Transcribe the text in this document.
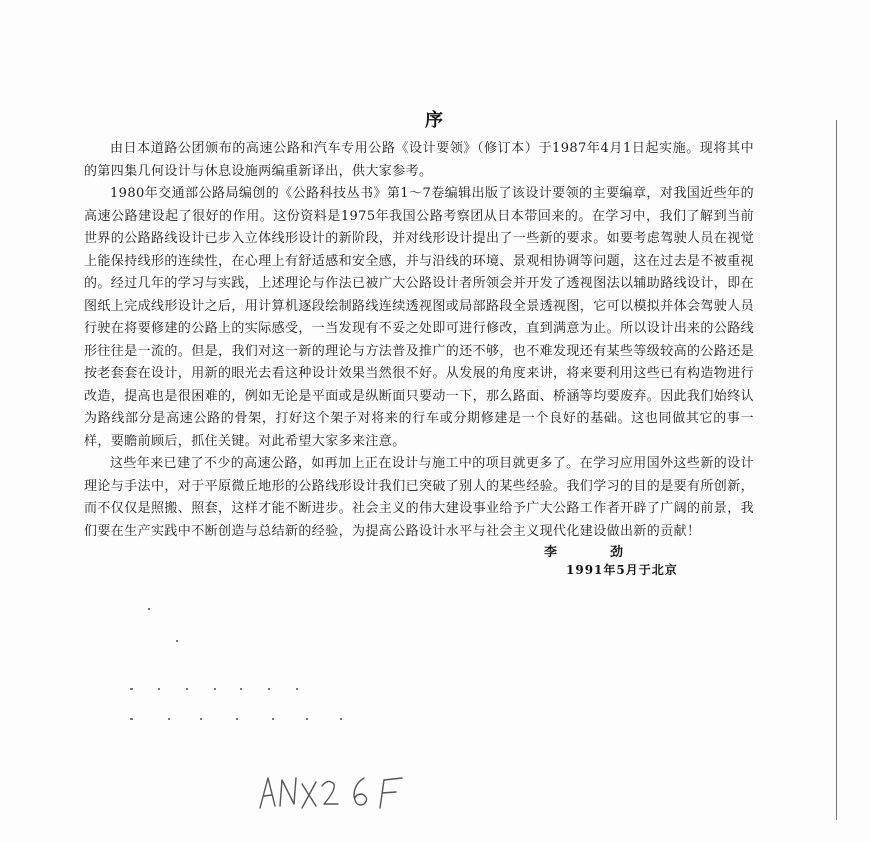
序

由日本道路公团颁布的高速公路和汽车专用公路《设计要领》（修订本）于1987年4月1日起实施。现将其中的第四集几何设计与休息设施两编重新译出，供大家参考。

1980年交通部公路局编创的《公路科技丛书》第1～7卷编辑出版了该设计要领的主要编章，对我国近些年的高速公路建设起了很好的作用。这份资料是1975年我国公路考察团从日本带回来的。在学习中，我们了解到当前世界的公路路线设计已步入立体线形设计的新阶段，并对线形设计提出了一些新的要求。如要考虑驾驶人员在视觉上能保持线形的连续性，在心理上有舒适感和安全感，并与沿线的环境、景观相协调等问题，这在过去是不被重视的。经过几年的学习与实践，上述理论与作法已被广大公路设计者所领会并开发了透视图法以辅助路线设计，即在图纸上完成线形设计之后，用计算机逐段绘制路线连续透视图或局部路段全景透视图，它可以模拟并体会驾驶人员行驶在将要修建的公路上的实际感受，一当发现有不妥之处即可进行修改，直到满意为止。所以设计出来的公路线形往往是一流的。但是，我们对这一新的理论与方法普及推广的还不够，也不难发现还有某些等级较高的公路还是按老套套在设计，用新的眼光去看这种设计效果当然很不好。从发展的角度来讲，将来要利用这些已有构造物进行改造，提高也是很困难的，例如无论是平面或是纵断面只要动一下，那么路面、桥涵等均要废弃。因此我们始终认为路线部分是高速公路的骨架，打好这个架子对将来的行车或分期修建是一个良好的基础。这也同做其它的事一样，要瞻前顾后，抓住关键。对此希望大家多来注意。

这些年来已建了不少的高速公路，如再加上正在设计与施工中的项目就更多了。在学习应用国外这些新的设计理论与手法中，对于平原微丘地形的公路线形设计我们已突破了别人的某些经验。我们学习的目的是要有所创新，而不仅仅是照搬、照套，这样才能不断进步。社会主义的伟大建设事业给予广大公路工作者开辟了广阔的前景，我们要在生产实践中不断创造与总结新的经验，为提高公路设计水平与社会主义现代化建设做出新的贡献！

李　劲
1991年5月于北京
